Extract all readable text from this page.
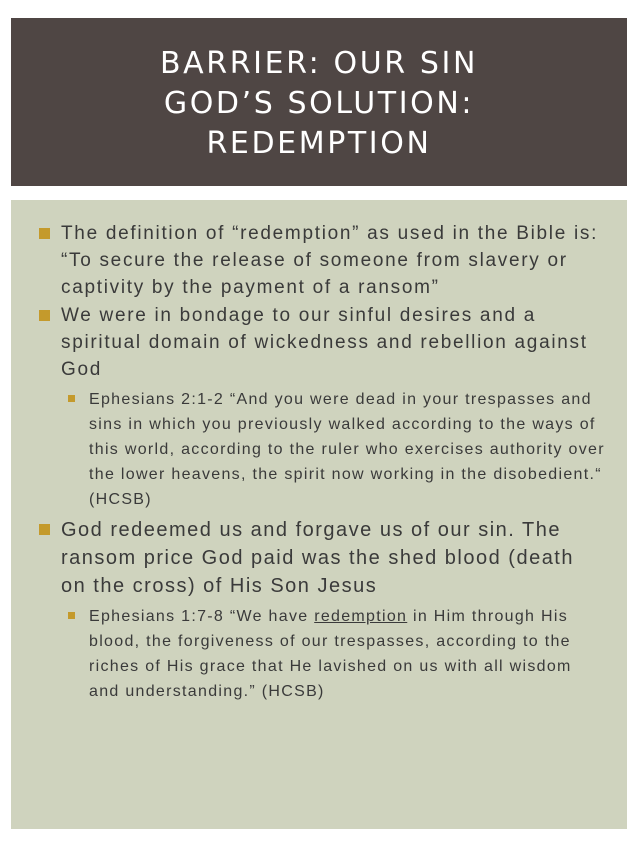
BARRIER: OUR SIN
GOD’S SOLUTION:
REDEMPTION
The definition of “redemption” as used in the Bible is: “To secure the release of someone from slavery or captivity by the payment of a ransom”
We were in bondage to our sinful desires and a spiritual domain of wickedness and rebellion against God
Ephesians 2:1-2 “And you were dead in your trespasses and sins in which you previously walked according to the ways of this world, according to the ruler who exercises authority over the lower heavens, the spirit now working in the disobedient.“ (HCSB)
God redeemed us and forgave us of our sin. The ransom price God paid was the shed blood (death on the cross) of His Son Jesus
Ephesians 1:7-8 “We have redemption in Him through His blood, the forgiveness of our trespasses, according to the riches of His grace that He lavished on us with all wisdom and understanding.” (HCSB)
